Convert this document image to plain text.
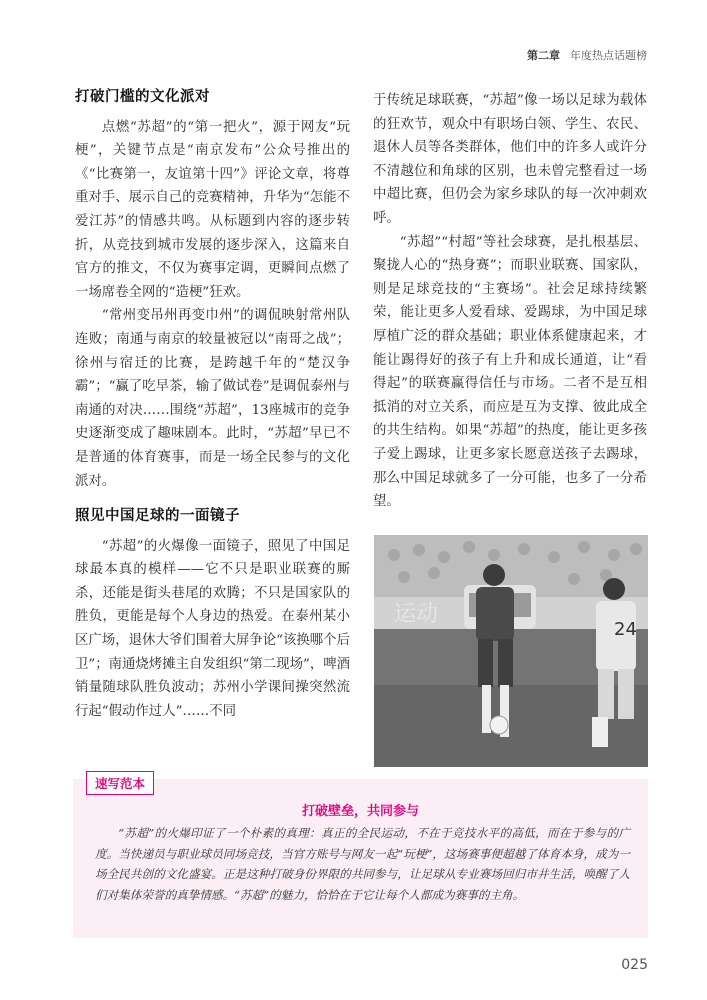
第二章 年度热点话题榜
打破门槛的文化派对

点燃“苏超”的“第一把火”，源于网友“玩梗”，关键节点是“南京发布”公众号推出的《“比赛第一，友谊第十四”》评论文章，将尊重对手、展示自己的竞赛精神，升华为“怎能不爱江苏”的情感共鸣。从标题到内容的逐步转折，从竞技到城市发展的逐步深入，这篇来自官方的推文，不仅为赛事定调，更瞬间点燃了一场席卷全网的“造梗”狂欢。

“常州变吊州再变巾州”的调侃映射常州队连败；南通与南京的较量被冠以“南哥之战”；徐州与宿迁的比赛，是跨越千年的“楚汉争霸”；“赢了吃早茶，输了做试卷”是调侃泰州与南通的对决……围绕“苏超”，13座城市的竞争史逐渐变成了趣味剧本。此时，“苏超”早已不是普通的体育赛事，而是一场全民参与的文化派对。

照见中国足球的一面镜子

“苏超”的火爆像一面镜子，照见了中国足球最本真的模样——它不只是职业联赛的厮杀，还能是街头巷尾的欢腾；不只是国家队的胜负，更能是每个人身边的热爱。在泰州某小区广场，退休大爷们围着大屏争论“该换哪个后卫”；南通烧烤摊主自发组织“第二现场”，啤酒销量随球队胜负波动；苏州小学课间操突然流行起“假动作过人”……不同

于传统足球联赛，“苏超”像一场以足球为载体的狂欢节，观众中有职场白领、学生、农民、退休人员等各类群体，他们中的许多人或许分不清越位和角球的区别，也未曾完整看过一场中超比赛，但仍会为家乡球队的每一次冲刺欢呼。

“苏超”“村超”等社会球赛，是扎根基层、聚拢人心的“热身赛”；而职业联赛、国家队，则是足球竞技的“主赛场”。社会足球持续繁荣，能让更多人爱看球、爱踢球，为中国足球厚植广泛的群众基础；职业体系健康起来，才能让踢得好的孩子有上升和成长通道，让“看得起”的联赛赢得信任与市场。二者不是互相抵消的对立关系，而应是互为支撑、彼此成全的共生结构。如果“苏超”的热度，能让更多孩子爱上踢球，让更多家长愿意送孩子去踢球，那么中国足球就多了一分可能，也多了一分希望。

运动
24
速写范本
打破壁垒，共同参与
“苏超”的火爆印证了一个朴素的真理：真正的全民运动，不在于竞技水平的高低，而在于参与的广度。当快递员与职业球员同场竞技，当官方账号与网友一起“玩梗”，这场赛事便超越了体育本身，成为一场全民共创的文化盛宴。正是这种打破身份界限的共同参与，让足球从专业赛场回归市井生活，唤醒了人们对集体荣誉的真挚情感。“苏超”的魅力，恰恰在于它让每个人都成为赛事的主角。
025
